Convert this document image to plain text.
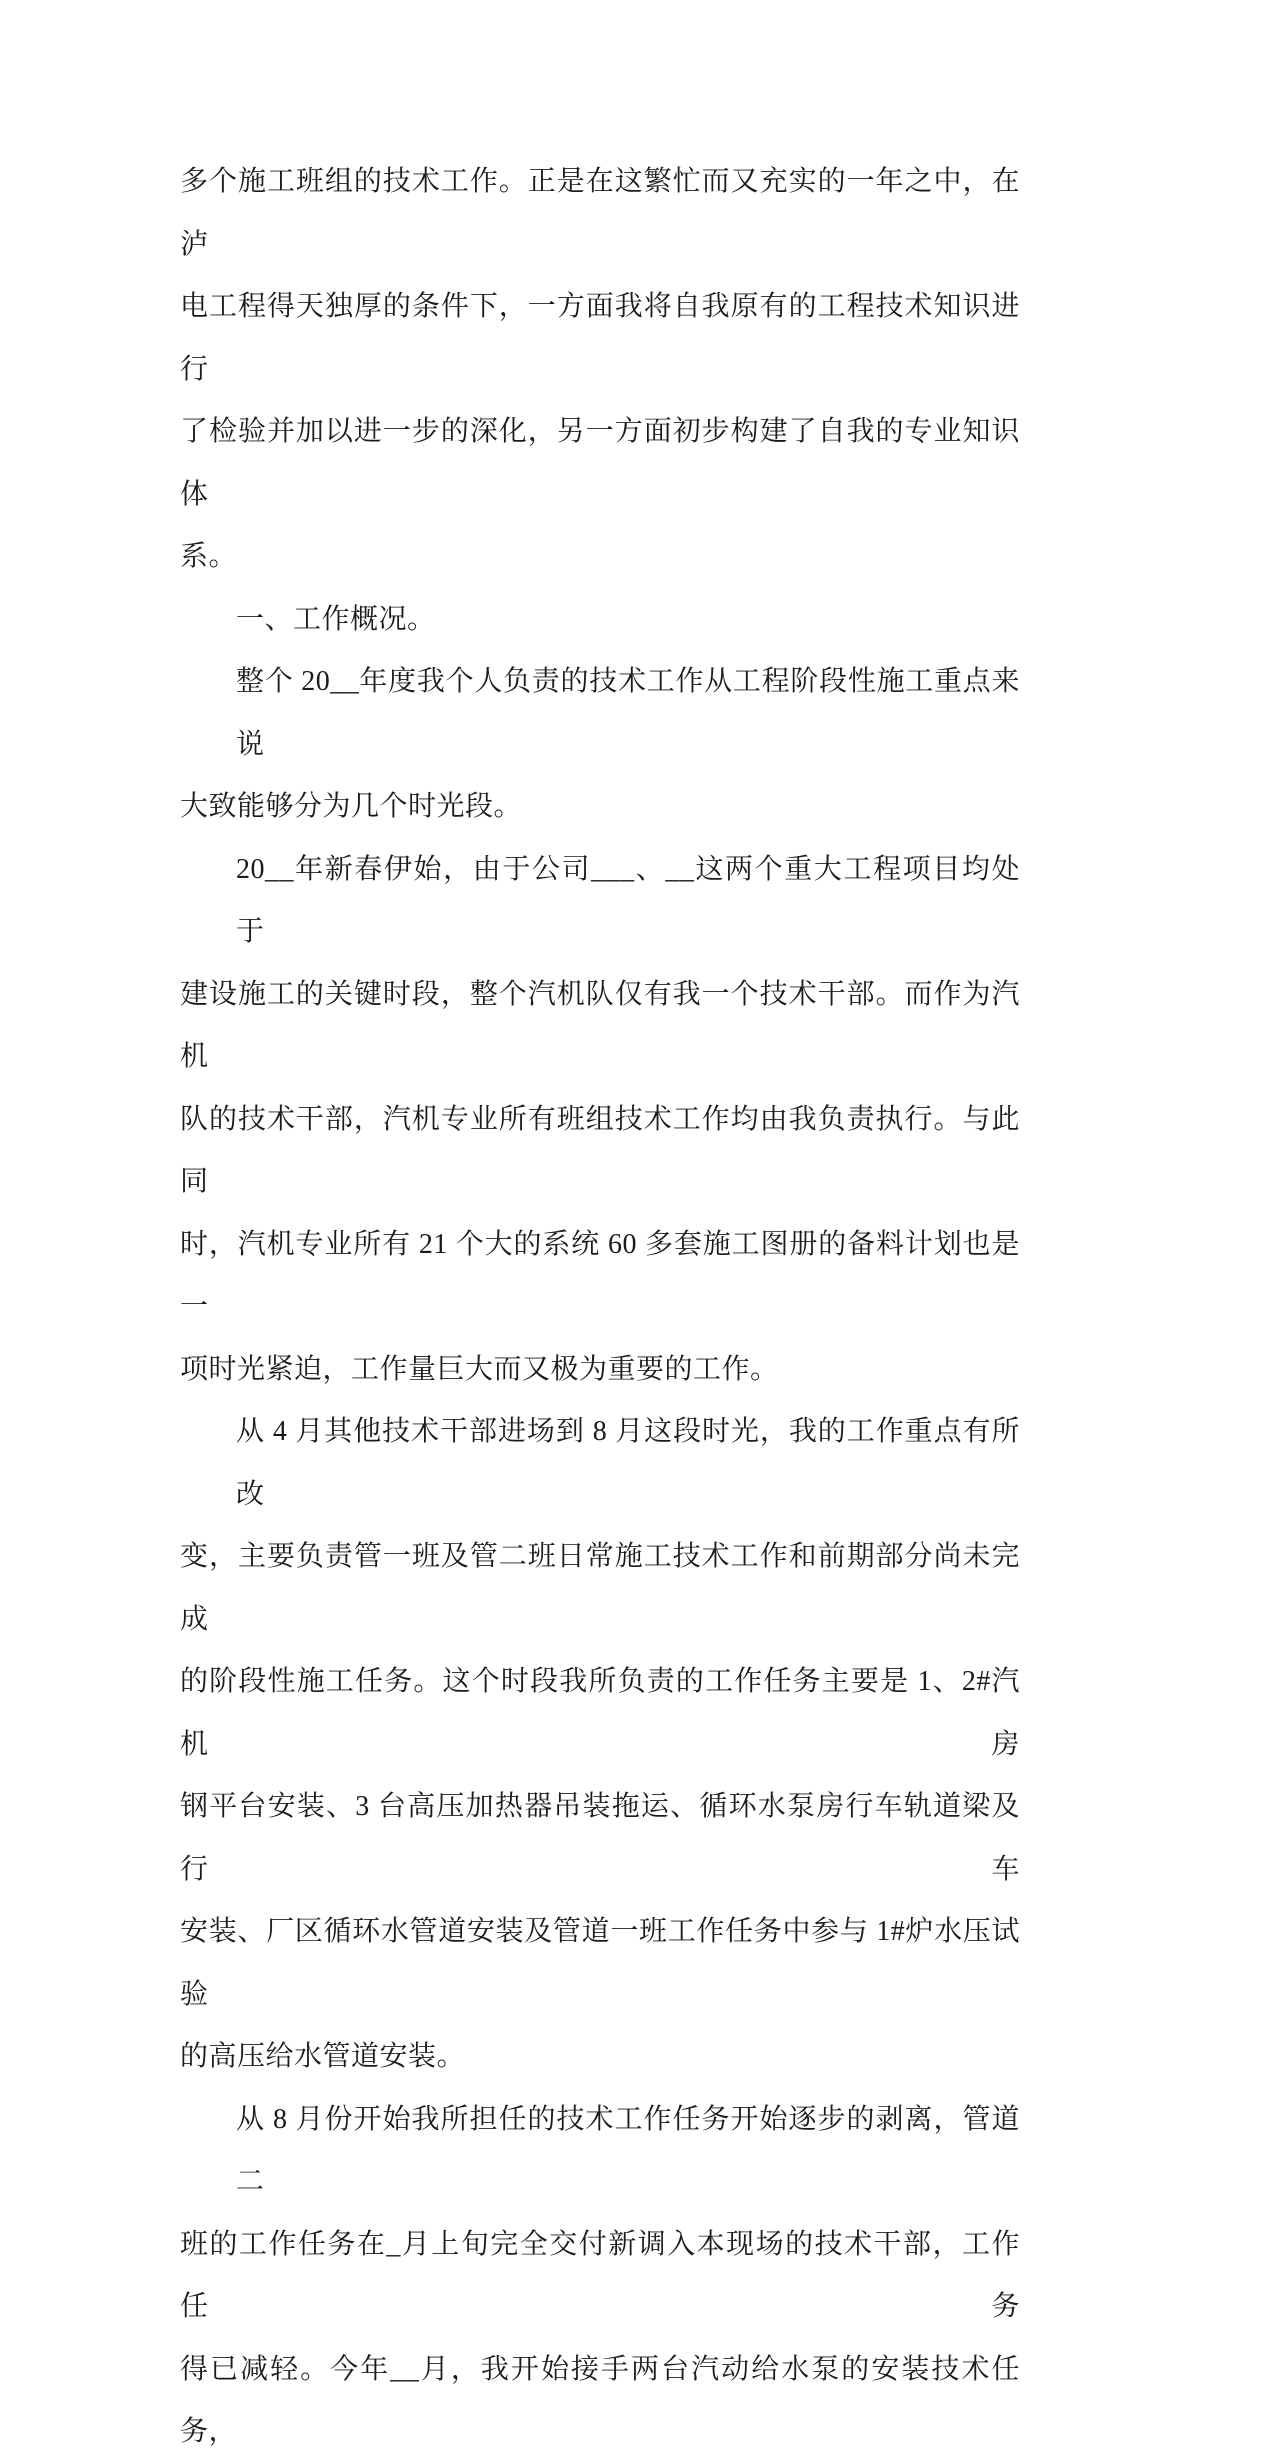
多个施工班组的技术工作。正是在这繁忙而又充实的一年之中，在泸
电工程得天独厚的条件下，一方面我将自我原有的工程技术知识进行
了检验并加以进一步的深化，另一方面初步构建了自我的专业知识体
系。
一、工作概况。
整个 20__年度我个人负责的技术工作从工程阶段性施工重点来说
大致能够分为几个时光段。
20__年新春伊始，由于公司___、__这两个重大工程项目均处于
建设施工的关键时段，整个汽机队仅有我一个技术干部。而作为汽机
队的技术干部，汽机专业所有班组技术工作均由我负责执行。与此同
时，汽机专业所有 21 个大的系统 60 多套施工图册的备料计划也是一
项时光紧迫，工作量巨大而又极为重要的工作。
从 4 月其他技术干部进场到 8 月这段时光，我的工作重点有所改
变，主要负责管一班及管二班日常施工技术工作和前期部分尚未完成
的阶段性施工任务。这个时段我所负责的工作任务主要是 1、2#汽机房
钢平台安装、3 台高压加热器吊装拖运、循环水泵房行车轨道梁及行车
安装、厂区循环水管道安装及管道一班工作任务中参与 1#炉水压试验
的高压给水管道安装。
从 8 月份开始我所担任的技术工作任务开始逐步的剥离，管道二
班的工作任务在_月上旬完全交付新调入本现场的技术干部，工作任务
得已减轻。今年__月，我开始接手两台汽动给水泵的安装技术任务，
